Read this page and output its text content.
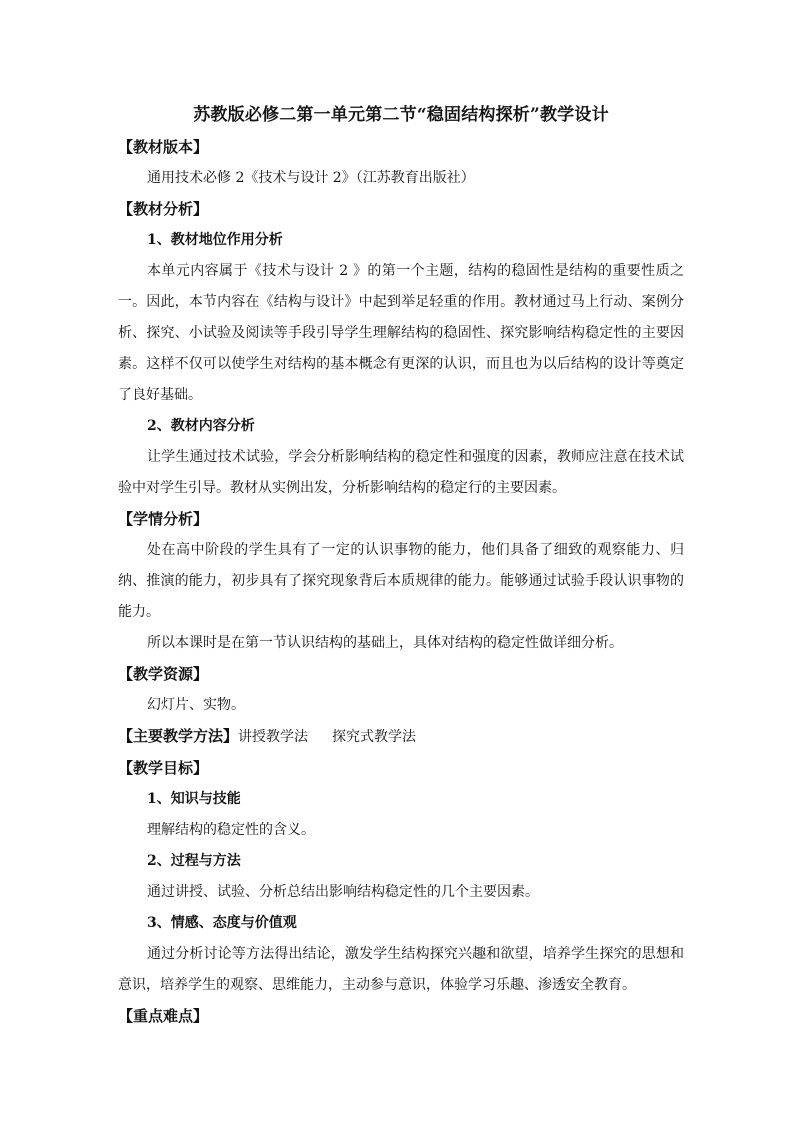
苏教版必修二第一单元第二节“稳固结构探析”教学设计

【教材版本】

通用技术必修 2《技术与设计 2》（江苏教育出版社）

【教材分析】

1、教材地位作用分析

本单元内容属于《技术与设计 2 》的第一个主题，结构的稳固性是结构的重要性质之一。因此，本节内容在《结构与设计》中起到举足轻重的作用。教材通过马上行动、案例分析、探究、小试验及阅读等手段引导学生理解结构的稳固性、探究影响结构稳定性的主要因素。这样不仅可以使学生对结构的基本概念有更深的认识，而且也为以后结构的设计等奠定了良好基础。

2、教材内容分析

让学生通过技术试验，学会分析影响结构的稳定性和强度的因素，教师应注意在技术试验中对学生引导。教材从实例出发，分析影响结构的稳定行的主要因素。

【学情分析】

处在高中阶段的学生具有了一定的认识事物的能力，他们具备了细致的观察能力、归纳、推演的能力，初步具有了探究现象背后本质规律的能力。能够通过试验手段认识事物的能力。

所以本课时是在第一节认识结构的基础上，具体对结构的稳定性做详细分析。

【教学资源】

幻灯片、实物。

【主要教学方法】讲授教学法 探究式教学法

【教学目标】

1、知识与技能

理解结构的稳定性的含义。

2、过程与方法

通过讲授、试验、分析总结出影响结构稳定性的几个主要因素。

3、情感、态度与价值观

通过分析讨论等方法得出结论，激发学生结构探究兴趣和欲望，培养学生探究的思想和意识，培养学生的观察、思维能力，主动参与意识，体验学习乐趣、渗透安全教育。

【重点难点】
